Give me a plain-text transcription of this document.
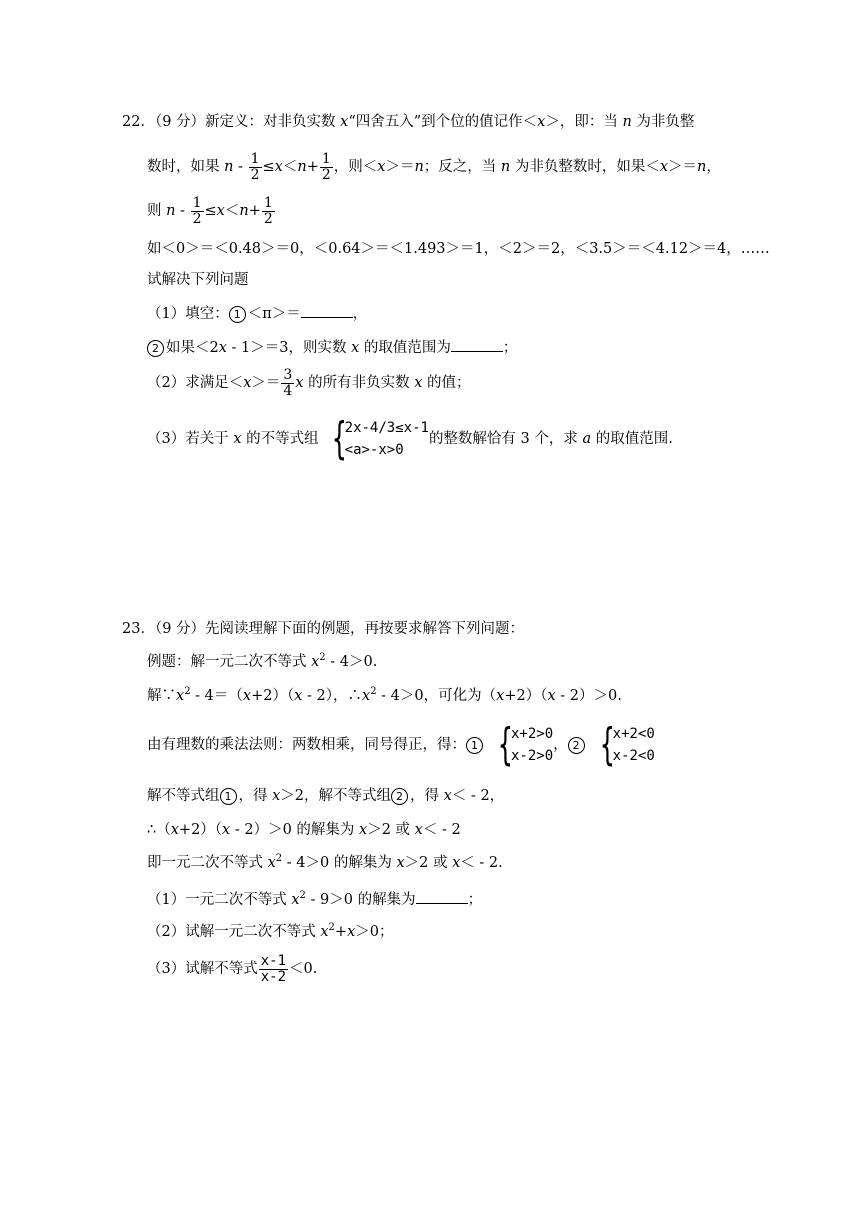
22．（9 分）新定义：对非负实数 x“四舍五入”到个位的值记作＜x＞，即：当 n 为非负整
数时，如果 $n - \frac{1}{2} \le x<n+ \frac{1}{2}$ ，则＜x＞＝n；反之，当 n 为非负整数时，如果＜x＞＝n，
则 $n - \frac{1}{2} \le x<n+ \frac{1}{2}$
如＜0＞＝＜0.48＞＝0，＜0.64＞＝＜1.493＞＝1，＜2＞＝2，＜3.5＞＝＜4.12＞＝4，……
试解决下列问题
（1）填空： 1 ＜π＞＝	，
2 如果＜2x - 1＞＝3，则实数 x 的取值范围为	；
（2）求满足$<x>= \frac{3}{4}$ x 的所有非负实数 x 的值；
（3）若关于 x 的不等式组 {
2x-4/3≤x-1
<a>-x>0
的整数解恰有 3 个，求 a 的取值范围.
23．（9 分）先阅读理解下面的例题，再按要求解答下列问题：
例题：解一元二次不等式 $x^2 - 4>0$.
解$\because x^2 - 4=(x+2)(x - 2)$，$\therefore x^2 - 4>0$，可化为（x+2）（x - 2）＞0.
由有理数的乘法法则：两数相乘，同号得正，得： 1 {
x+2>0
x-2>0
， 2 {
x+2<0
x-2<0
解不等式组 1 ，得 x＞2，解不等式组 2 ，得 x＜ - 2，
∴（x+2）（x - 2）＞0 的解集为 x＞2 或 x＜ - 2
即一元二次不等式 $x^2 - 4>0$ 的解集为 x＞2 或 x＜ - 2.
（1）一元二次不等式 $x^2 - 9>0$ 的解集为	；
（2）试解一元二次不等式 $x^2+x>0$；
（3）试解不等式 $\frac{x-1}{x-2} <0$.
